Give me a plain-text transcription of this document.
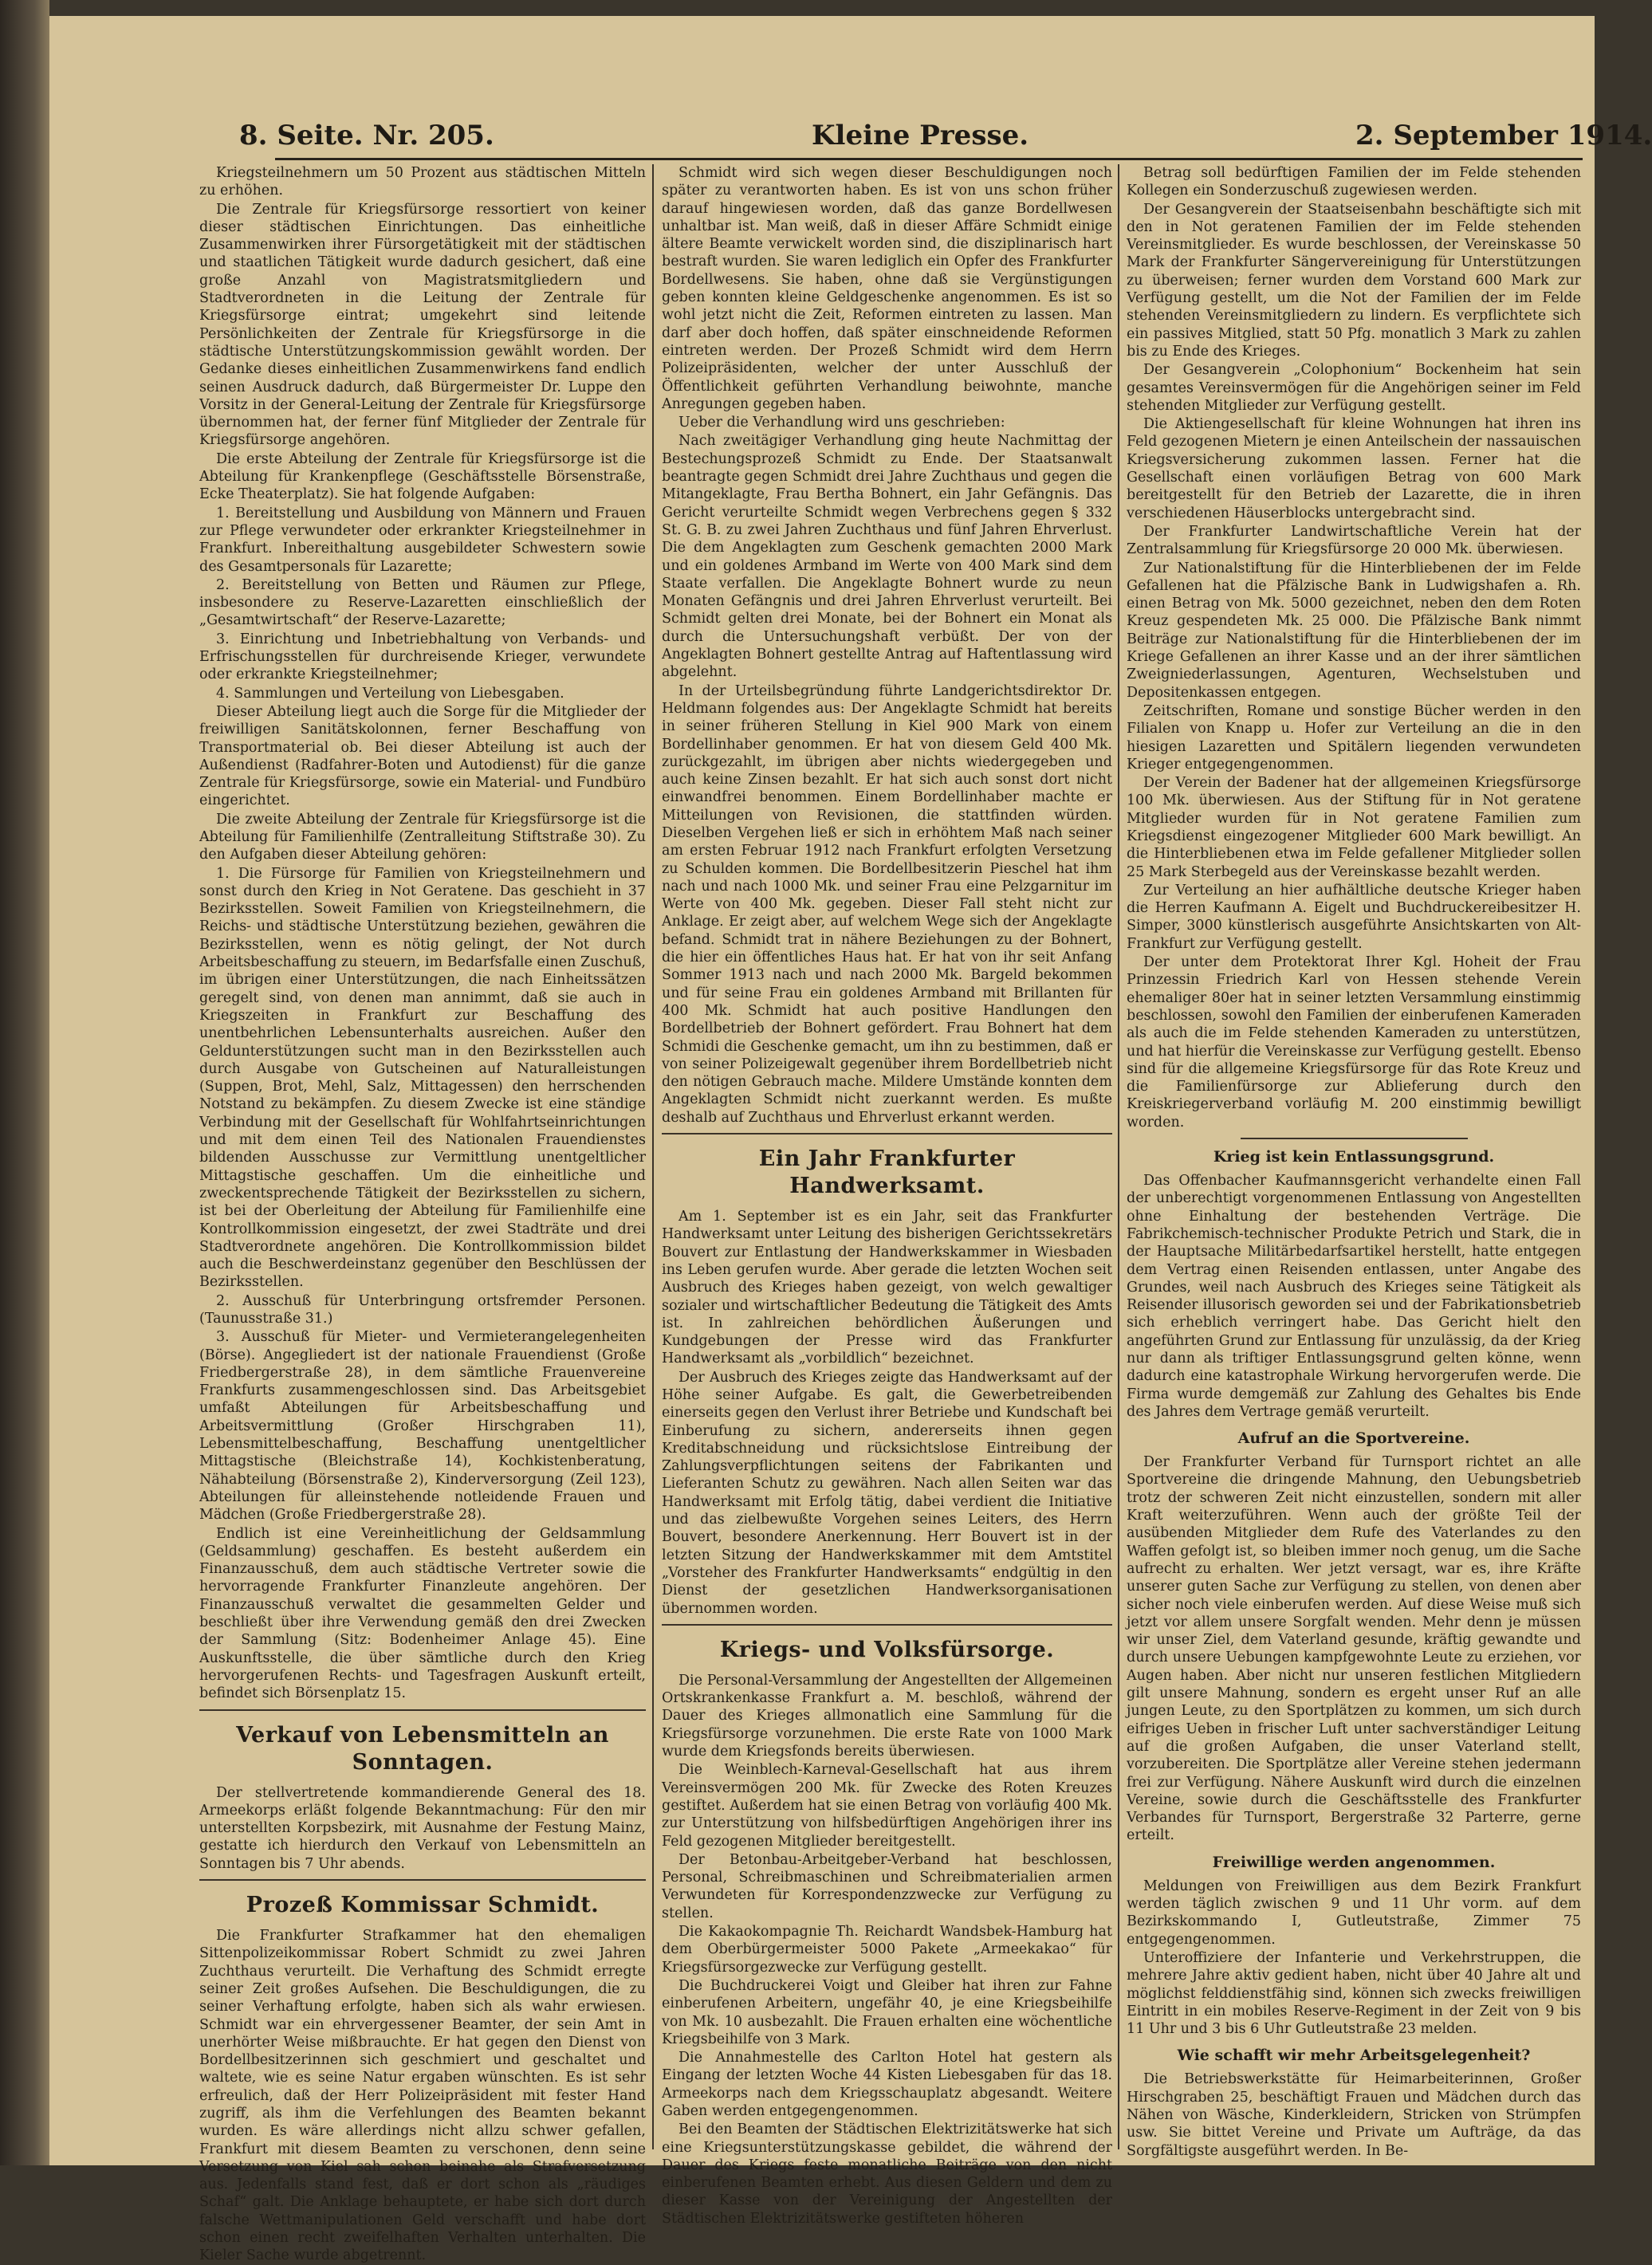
8. Seite. Nr. 205.	Kleine Presse.	2. September 1914.

Kriegsteilnehmern um 50 Prozent aus städtischen Mitteln zu erhöhen.

Die Zentrale für Kriegsfürsorge ressortiert von keiner dieser städtischen Einrichtungen. Das einheitliche Zusammenwirken ihrer Fürsorgetätigkeit mit der städtischen und staatlichen Tätigkeit wurde dadurch gesichert, daß eine große Anzahl von Magistratsmitgliedern und Stadtverordneten in die Leitung der Zentrale für Kriegsfürsorge eintrat; umgekehrt sind leitende Persönlichkeiten der Zentrale für Kriegsfürsorge in die städtische Unterstützungskommission gewählt worden. Der Gedanke dieses einheitlichen Zusammenwirkens fand endlich seinen Ausdruck dadurch, daß Bürgermeister Dr. Luppe den Vorsitz in der General-Leitung der Zentrale für Kriegsfürsorge übernommen hat, der ferner fünf Mitglieder der Zentrale für Kriegsfürsorge angehören.

Die erste Abteilung der Zentrale für Kriegsfürsorge ist die Abteilung für Krankenpflege (Geschäftsstelle Börsenstraße, Ecke Theaterplatz). Sie hat folgende Aufgaben:

1. Bereitstellung und Ausbildung von Männern und Frauen zur Pflege verwundeter oder erkrankter Kriegsteilnehmer in Frankfurt. Inbereithaltung ausgebildeter Schwestern sowie des Gesamtpersonals für Lazarette;

2. Bereitstellung von Betten und Räumen zur Pflege, insbesondere zu Reserve-Lazaretten einschließlich der „Gesamtwirtschaft“ der Reserve-Lazarette;

3. Einrichtung und Inbetriebhaltung von Verbands- und Erfrischungsstellen für durchreisende Krieger, verwundete oder erkrankte Kriegsteilnehmer;

4. Sammlungen und Verteilung von Liebesgaben.

Dieser Abteilung liegt auch die Sorge für die Mitglieder der freiwilligen Sanitätskolonnen, ferner Beschaffung von Transportmaterial ob. Bei dieser Abteilung ist auch der Außendienst (Radfahrer-Boten und Autodienst) für die ganze Zentrale für Kriegsfürsorge, sowie ein Material- und Fundbüro eingerichtet.

Die zweite Abteilung der Zentrale für Kriegsfürsorge ist die Abteilung für Familienhilfe (Zentralleitung Stiftstraße 30). Zu den Aufgaben dieser Abteilung gehören:

1. Die Fürsorge für Familien von Kriegsteilnehmern und sonst durch den Krieg in Not Geratene. Das geschieht in 37 Bezirksstellen. Soweit Familien von Kriegsteilnehmern, die Reichs- und städtische Unterstützung beziehen, gewähren die Bezirksstellen, wenn es nötig gelingt, der Not durch Arbeitsbeschaffung zu steuern, im Bedarfsfalle einen Zuschuß, im übrigen einer Unterstützungen, die nach Einheitssätzen geregelt sind, von denen man annimmt, daß sie auch in Kriegszeiten in Frankfurt zur Beschaffung des unentbehrlichen Lebensunterhalts ausreichen. Außer den Geldunterstützungen sucht man in den Bezirksstellen auch durch Ausgabe von Gutscheinen auf Naturalleistungen (Suppen, Brot, Mehl, Salz, Mittagessen) den herrschenden Notstand zu bekämpfen. Zu diesem Zwecke ist eine ständige Verbindung mit der Gesellschaft für Wohlfahrtseinrichtungen und mit dem einen Teil des Nationalen Frauendienstes bildenden Ausschusse zur Vermittlung unentgeltlicher Mittagstische geschaffen. Um die einheitliche und zweckentsprechende Tätigkeit der Bezirksstellen zu sichern, ist bei der Oberleitung der Abteilung für Familienhilfe eine Kontrollkommission eingesetzt, der zwei Stadträte und drei Stadtverordnete angehören. Die Kontrollkommission bildet auch die Beschwerdeinstanz gegenüber den Beschlüssen der Bezirksstellen.

2. Ausschuß für Unterbringung ortsfremder Personen. (Taunusstraße 31.)

3. Ausschuß für Mieter- und Vermieterangelegenheiten (Börse). Angegliedert ist der nationale Frauendienst (Große Friedbergerstraße 28), in dem sämtliche Frauenvereine Frankfurts zusammengeschlossen sind. Das Arbeitsgebiet umfaßt Abteilungen für Arbeitsbeschaffung und Arbeitsvermittlung (Großer Hirschgraben 11), Lebensmittelbeschaffung, Beschaffung unentgeltlicher Mittagstische (Bleichstraße 14), Kochkistenberatung, Nähabteilung (Börsenstraße 2), Kinderversorgung (Zeil 123), Abteilungen für alleinstehende notleidende Frauen und Mädchen (Große Friedbergerstraße 28).

Endlich ist eine Vereinheitlichung der Geldsammlung (Geldsammlung) geschaffen. Es besteht außerdem ein Finanzausschuß, dem auch städtische Vertreter sowie die hervorragende Frankfurter Finanzleute angehören. Der Finanzausschuß verwaltet die gesammelten Gelder und beschließt über ihre Verwendung gemäß den drei Zwecken der Sammlung (Sitz: Bodenheimer Anlage 45). Eine Auskunftsstelle, die über sämtliche durch den Krieg hervorgerufenen Rechts- und Tagesfragen Auskunft erteilt, befindet sich Börsenplatz 15.

Verkauf von Lebensmitteln an Sonntagen.

Der stellvertretende kommandierende General des 18. Armeekorps erläßt folgende Bekanntmachung: Für den mir unterstellten Korpsbezirk, mit Ausnahme der Festung Mainz, gestatte ich hierdurch den Verkauf von Lebensmitteln an Sonntagen bis 7 Uhr abends.

Prozeß Kommissar Schmidt.

Die Frankfurter Strafkammer hat den ehemaligen Sittenpolizeikommissar Robert Schmidt zu zwei Jahren Zuchthaus verurteilt. Die Verhaftung des Schmidt erregte seiner Zeit großes Aufsehen. Die Beschuldigungen, die zu seiner Verhaftung erfolgte, haben sich als wahr erwiesen. Schmidt war ein ehrvergessener Beamter, der sein Amt in unerhörter Weise mißbrauchte. Er hat gegen den Dienst von Bordellbesitzerinnen sich geschmiert und geschaltet und waltete, wie es seine Natur ergaben wünschten. Es ist sehr erfreulich, daß der Herr Polizeipräsident mit fester Hand zugriff, als ihm die Verfehlungen des Beamten bekannt wurden. Es wäre allerdings nicht allzu schwer gefallen, Frankfurt mit diesem Beamten zu verschonen, denn seine Versetzung von Kiel sah schon beinahe als Strafversetzung aus. Jedenfalls stand fest, daß er dort schon als „räudiges Schaf“ galt. Die Anklage behauptete, er habe sich dort durch falsche Wettmanipulationen Geld verschafft und habe dort schon einen recht zweifelhaften Verhalten unterhalten. Die Kieler Sache wurde abgetrennt.

Schmidt wird sich wegen dieser Beschuldigungen noch später zu verantworten haben. Es ist von uns schon früher darauf hingewiesen worden, daß das ganze Bordellwesen unhaltbar ist. Man weiß, daß in dieser Affäre Schmidt einige ältere Beamte verwickelt worden sind, die disziplinarisch hart bestraft wurden. Sie waren lediglich ein Opfer des Frankfurter Bordellwesens. Sie haben, ohne daß sie Vergünstigungen geben konnten kleine Geldgeschenke angenommen. Es ist so wohl jetzt nicht die Zeit, Reformen eintreten zu lassen. Man darf aber doch hoffen, daß später einschneidende Reformen eintreten werden. Der Prozeß Schmidt wird dem Herrn Polizeipräsidenten, welcher der unter Ausschluß der Öffentlichkeit geführten Verhandlung beiwohnte, manche Anregungen gegeben haben.

Ueber die Verhandlung wird uns geschrieben:

Nach zweitägiger Verhandlung ging heute Nachmittag der Bestechungsprozeß Schmidt zu Ende. Der Staatsanwalt beantragte gegen Schmidt drei Jahre Zuchthaus und gegen die Mitangeklagte, Frau Bertha Bohnert, ein Jahr Gefängnis. Das Gericht verurteilte Schmidt wegen Verbrechens gegen § 332 St. G. B. zu zwei Jahren Zuchthaus und fünf Jahren Ehrverlust. Die dem Angeklagten zum Geschenk gemachten 2000 Mark und ein goldenes Armband im Werte von 400 Mark sind dem Staate verfallen. Die Angeklagte Bohnert wurde zu neun Monaten Gefängnis und drei Jahren Ehrverlust verurteilt. Bei Schmidt gelten drei Monate, bei der Bohnert ein Monat als durch die Untersuchungshaft verbüßt. Der von der Angeklagten Bohnert gestellte Antrag auf Haftentlassung wird abgelehnt.

In der Urteilsbegründung führte Landgerichtsdirektor Dr. Heldmann folgendes aus: Der Angeklagte Schmidt hat bereits in seiner früheren Stellung in Kiel 900 Mark von einem Bordellinhaber genommen. Er hat von diesem Geld 400 Mk. zurückgezahlt, im übrigen aber nichts wiedergegeben und auch keine Zinsen bezahlt. Er hat sich auch sonst dort nicht einwandfrei benommen. Einem Bordellinhaber machte er Mitteilungen von Revisionen, die stattfinden würden. Dieselben Vergehen ließ er sich in erhöhtem Maß nach seiner am ersten Februar 1912 nach Frankfurt erfolgten Versetzung zu Schulden kommen. Die Bordellbesitzerin Pieschel hat ihm nach und nach 1000 Mk. und seiner Frau eine Pelzgarnitur im Werte von 400 Mk. gegeben. Dieser Fall steht nicht zur Anklage. Er zeigt aber, auf welchem Wege sich der Angeklagte befand. Schmidt trat in nähere Beziehungen zu der Bohnert, die hier ein öffentliches Haus hat. Er hat von ihr seit Anfang Sommer 1913 nach und nach 2000 Mk. Bargeld bekommen und für seine Frau ein goldenes Armband mit Brillanten für 400 Mk. Schmidt hat auch positive Handlungen den Bordellbetrieb der Bohnert gefördert. Frau Bohnert hat dem Schmidi die Geschenke gemacht, um ihn zu bestimmen, daß er von seiner Polizeigewalt gegenüber ihrem Bordellbetrieb nicht den nötigen Gebrauch mache. Mildere Umstände konnten dem Angeklagten Schmidt nicht zuerkannt werden. Es mußte deshalb auf Zuchthaus und Ehrverlust erkannt werden.

Ein Jahr Frankfurter Handwerksamt.

Am 1. September ist es ein Jahr, seit das Frankfurter Handwerksamt unter Leitung des bisherigen Gerichtssekretärs Bouvert zur Entlastung der Handwerkskammer in Wiesbaden ins Leben gerufen wurde. Aber gerade die letzten Wochen seit Ausbruch des Krieges haben gezeigt, von welch gewaltiger sozialer und wirtschaftlicher Bedeutung die Tätigkeit des Amts ist. In zahlreichen behördlichen Äußerungen und Kundgebungen der Presse wird das Frankfurter Handwerksamt als „vorbildlich“ bezeichnet.

Der Ausbruch des Krieges zeigte das Handwerksamt auf der Höhe seiner Aufgabe. Es galt, die Gewerbetreibenden einerseits gegen den Verlust ihrer Betriebe und Kundschaft bei Einberufung zu sichern, andererseits ihnen gegen Kreditabschneidung und rücksichtslose Eintreibung der Zahlungsverpflichtungen seitens der Fabrikanten und Lieferanten Schutz zu gewähren. Nach allen Seiten war das Handwerksamt mit Erfolg tätig, dabei verdient die Initiative und das zielbewußte Vorgehen seines Leiters, des Herrn Bouvert, besondere Anerkennung. Herr Bouvert ist in der letzten Sitzung der Handwerkskammer mit dem Amtstitel „Vorsteher des Frankfurter Handwerksamts“ endgültig in den Dienst der gesetzlichen Handwerksorganisationen übernommen worden.

Kriegs- und Volksfürsorge.

Die Personal-Versammlung der Angestellten der Allgemeinen Ortskrankenkasse Frankfurt a. M. beschloß, während der Dauer des Krieges allmonatlich eine Sammlung für die Kriegsfürsorge vorzunehmen. Die erste Rate von 1000 Mark wurde dem Kriegsfonds bereits überwiesen.

Die Weinblech-Karneval-Gesellschaft hat aus ihrem Vereinsvermögen 200 Mk. für Zwecke des Roten Kreuzes gestiftet. Außerdem hat sie einen Betrag von vorläufig 400 Mk. zur Unterstützung von hilfsbedürftigen Angehörigen ihrer ins Feld gezogenen Mitglieder bereitgestellt.

Der Betonbau-Arbeitgeber-Verband hat beschlossen, Personal, Schreibmaschinen und Schreibmaterialien armen Verwundeten für Korrespondenzzwecke zur Verfügung zu stellen.

Die Kakaokompagnie Th. Reichardt Wandsbek-Hamburg hat dem Oberbürgermeister 5000 Pakete „Armeekakao“ für Kriegsfürsorgezwecke zur Verfügung gestellt.

Die Buchdruckerei Voigt und Gleiber hat ihren zur Fahne einberufenen Arbeitern, ungefähr 40, je eine Kriegsbeihilfe von Mk. 10 ausbezahlt. Die Frauen erhalten eine wöchentliche Kriegsbeihilfe von 3 Mark.

Die Annahmestelle des Carlton Hotel hat gestern als Eingang der letzten Woche 44 Kisten Liebesgaben für das 18. Armeekorps nach dem Kriegsschauplatz abgesandt. Weitere Gaben werden entgegengenommen.

Bei den Beamten der Städtischen Elektrizitätswerke hat sich eine Kriegsunterstützungskasse gebildet, die während der Dauer des Kriegs feste monatliche Beiträge von den nicht einberufenen Beamten erhebt. Aus diesen Geldern und dem zu dieser Kasse von der Vereinigung der Angestellten der Städtischen Elektrizitätswerke gestifteten höheren

Betrag soll bedürftigen Familien der im Felde stehenden Kollegen ein Sonderzuschuß zugewiesen werden.

Der Gesangverein der Staatseisenbahn beschäftigte sich mit den in Not geratenen Familien der im Felde stehenden Vereinsmitglieder. Es wurde beschlossen, der Vereinskasse 50 Mark der Frankfurter Sängervereinigung für Unterstützungen zu überweisen; ferner wurden dem Vorstand 600 Mark zur Verfügung gestellt, um die Not der Familien der im Felde stehenden Vereinsmitgliedern zu lindern. Es verpflichtete sich ein passives Mitglied, statt 50 Pfg. monatlich 3 Mark zu zahlen bis zu Ende des Krieges.

Der Gesangverein „Colophonium“ Bockenheim hat sein gesamtes Vereinsvermögen für die Angehörigen seiner im Feld stehenden Mitglieder zur Verfügung gestellt.

Die Aktiengesellschaft für kleine Wohnungen hat ihren ins Feld gezogenen Mietern je einen Anteilschein der nassauischen Kriegsversicherung zukommen lassen. Ferner hat die Gesellschaft einen vorläufigen Betrag von 600 Mark bereitgestellt für den Betrieb der Lazarette, die in ihren verschiedenen Häuserblocks untergebracht sind.

Der Frankfurter Landwirtschaftliche Verein hat der Zentralsammlung für Kriegsfürsorge 20 000 Mk. überwiesen.

Zur Nationalstiftung für die Hinterbliebenen der im Felde Gefallenen hat die Pfälzische Bank in Ludwigshafen a. Rh. einen Betrag von Mk. 5000 gezeichnet, neben den dem Roten Kreuz gespendeten Mk. 25 000. Die Pfälzische Bank nimmt Beiträge zur Nationalstiftung für die Hinterbliebenen der im Kriege Gefallenen an ihrer Kasse und an der ihrer sämtlichen Zweigniederlassungen, Agenturen, Wechselstuben und Depositenkassen entgegen.

Zeitschriften, Romane und sonstige Bücher werden in den Filialen von Knapp u. Hofer zur Verteilung an die in den hiesigen Lazaretten und Spitälern liegenden verwundeten Krieger entgegengenommen.

Der Verein der Badener hat der allgemeinen Kriegsfürsorge 100 Mk. überwiesen. Aus der Stiftung für in Not geratene Mitglieder wurden für in Not geratene Familien zum Kriegsdienst eingezogener Mitglieder 600 Mark bewilligt. An die Hinterbliebenen etwa im Felde gefallener Mitglieder sollen 25 Mark Sterbegeld aus der Vereinskasse bezahlt werden.

Zur Verteilung an hier aufhältliche deutsche Krieger haben die Herren Kaufmann A. Eigelt und Buchdruckereibesitzer H. Simper, 3000 künstlerisch ausgeführte Ansichtskarten von Alt-Frankfurt zur Verfügung gestellt.

Der unter dem Protektorat Ihrer Kgl. Hoheit der Frau Prinzessin Friedrich Karl von Hessen stehende Verein ehemaliger 80er hat in seiner letzten Versammlung einstimmig beschlossen, sowohl den Familien der einberufenen Kameraden als auch die im Felde stehenden Kameraden zu unterstützen, und hat hierfür die Vereinskasse zur Verfügung gestellt. Ebenso sind für die allgemeine Kriegsfürsorge für das Rote Kreuz und die Familienfürsorge zur Ablieferung durch den Kreiskriegerverband vorläufig M. 200 einstimmig bewilligt worden.

Krieg ist kein Entlassungsgrund.

Das Offenbacher Kaufmannsgericht verhandelte einen Fall der unberechtigt vorgenommenen Entlassung von Angestellten ohne Einhaltung der bestehenden Verträge. Die Fabrikchemisch-technischer Produkte Petrich und Stark, die in der Hauptsache Militärbedarfsartikel herstellt, hatte entgegen dem Vertrag einen Reisenden entlassen, unter Angabe des Grundes, weil nach Ausbruch des Krieges seine Tätigkeit als Reisender illusorisch geworden sei und der Fabrikationsbetrieb sich erheblich verringert habe. Das Gericht hielt den angeführten Grund zur Entlassung für unzulässig, da der Krieg nur dann als triftiger Entlassungsgrund gelten könne, wenn dadurch eine katastrophale Wirkung hervorgerufen werde. Die Firma wurde demgemäß zur Zahlung des Gehaltes bis Ende des Jahres dem Vertrage gemäß verurteilt.

Aufruf an die Sportvereine.

Der Frankfurter Verband für Turnsport richtet an alle Sportvereine die dringende Mahnung, den Uebungsbetrieb trotz der schweren Zeit nicht einzustellen, sondern mit aller Kraft weiterzuführen. Wenn auch der größte Teil der ausübenden Mitglieder dem Rufe des Vaterlandes zu den Waffen gefolgt ist, so bleiben immer noch genug, um die Sache aufrecht zu erhalten. Wer jetzt versagt, war es, ihre Kräfte unserer guten Sache zur Verfügung zu stellen, von denen aber sicher noch viele einberufen werden. Auf diese Weise muß sich jetzt vor allem unsere Sorgfalt wenden. Mehr denn je müssen wir unser Ziel, dem Vaterland gesunde, kräftig gewandte und durch unsere Uebungen kampfgewohnte Leute zu erziehen, vor Augen haben. Aber nicht nur unseren festlichen Mitgliedern gilt unsere Mahnung, sondern es ergeht unser Ruf an alle jungen Leute, zu den Sportplätzen zu kommen, um sich durch eifriges Ueben in frischer Luft unter sachverständiger Leitung auf die großen Aufgaben, die unser Vaterland stellt, vorzubereiten. Die Sportplätze aller Vereine stehen jedermann frei zur Verfügung. Nähere Auskunft wird durch die einzelnen Vereine, sowie durch die Geschäftsstelle des Frankfurter Verbandes für Turnsport, Bergerstraße 32 Parterre, gerne erteilt.

Freiwillige werden angenommen.

Meldungen von Freiwilligen aus dem Bezirk Frankfurt werden täglich zwischen 9 und 11 Uhr vorm. auf dem Bezirkskommando I, Gutleutstraße, Zimmer 75 entgegengenommen.

Unteroffiziere der Infanterie und Verkehrstruppen, die mehrere Jahre aktiv gedient haben, nicht über 40 Jahre alt und möglichst felddienstfähig sind, können sich zwecks freiwilligen Eintritt in ein mobiles Reserve-Regiment in der Zeit von 9 bis 11 Uhr und 3 bis 6 Uhr Gutleutstraße 23 melden.

Wie schafft wir mehr Arbeitsgelegenheit?

Die Betriebswerkstätte für Heimarbeiterinnen, Großer Hirschgraben 25, beschäftigt Frauen und Mädchen durch das Nähen von Wäsche, Kinderkleidern, Stricken von Strümpfen usw. Sie bittet Vereine und Private um Aufträge, da das Sorgfältigste ausgeführt werden. In Be-
